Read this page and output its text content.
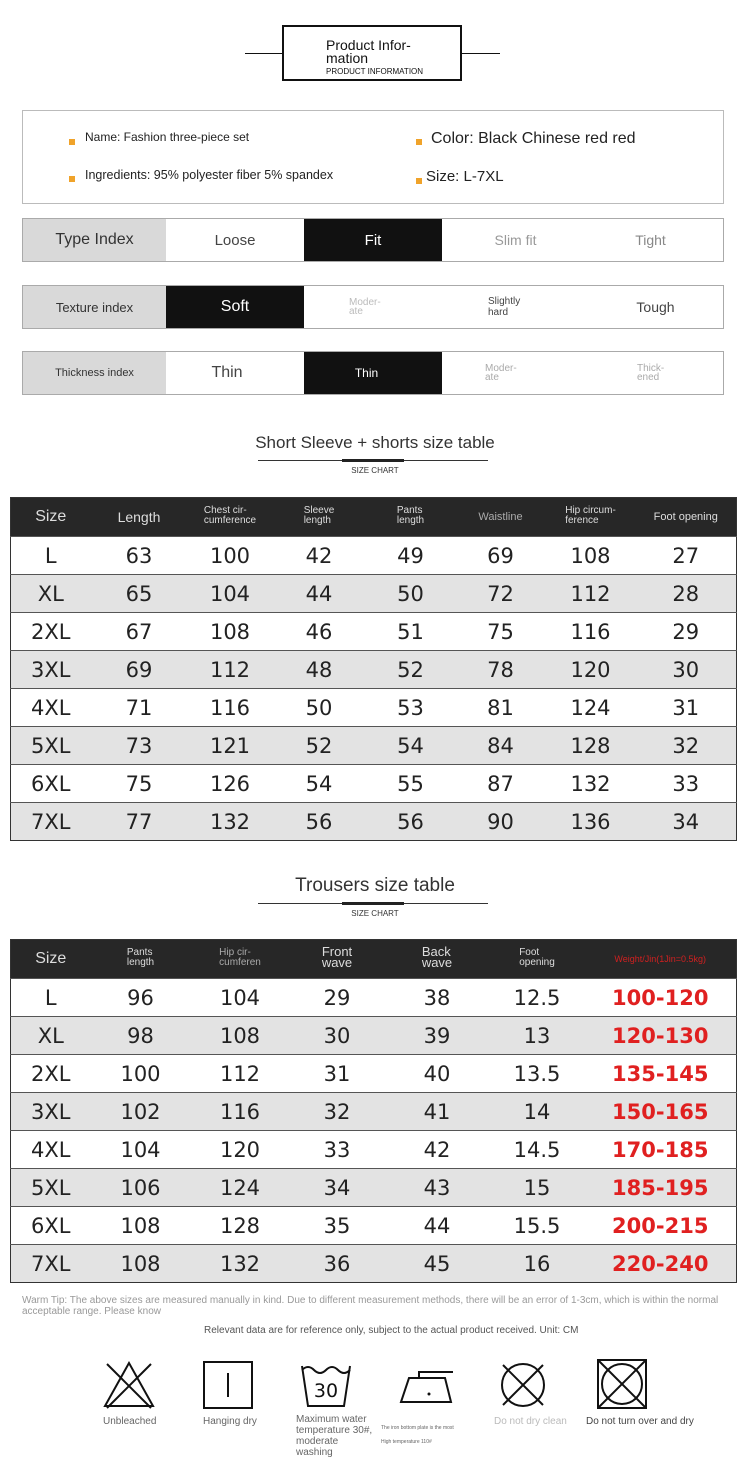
Product Infor-
mation
PRODUCT INFORMATION
Name: Fashion three-piece set
Ingredients: 95% polyester fiber 5% spandex
Color: Black Chinese red red
Size: L-7XL
Type Index	Loose	Fit	Slim fit	Tight
Texture index	Soft	Moder-
ate
Slightly
hard	Tough
Thickness index	Thin	Thin	Moder-
ate
Thick-
ened
Short Sleeve + shorts size table
SIZE CHART
Size	Length	Chest cir-
cumference	Sleeve
length	Pants
length	Waistline	Hip circum-
ference	Foot opening
L	63	100	42	49	69	108	27
XL	65	104	44	50	72	112	28
2XL	67	108	46	51	75	116	29
3XL	69	112	48	52	78	120	30
4XL	71	116	50	53	81	124	31
5XL	73	121	52	54	84	128	32
6XL	75	126	54	55	87	132	33
7XL	77	132	56	56	90	136	34
Trousers size table
SIZE CHART
Size	Pants
length	Hip cir-
cumferen	Front
wave	Back
wave	Foot
opening	Weight/Jin(1Jin=0.5kg)
L	96	104	29	38	12.5	100-120
XL	98	108	30	39	13	120-130
2XL	100	112	31	40	13.5	135-145
3XL	102	116	32	41	14	150-165
4XL	104	120	33	42	14.5	170-185
5XL	106	124	34	43	15	185-195
6XL	108	128	35	44	15.5	200-215
7XL	108	132	36	45	16	220-240
Warm Tip: The above sizes are measured manually in kind. Due to different measurement methods, there will be an error of 1-3cm, which is within the normal acceptable range. Please know
Relevant data are for reference only, subject to the actual product received. Unit: CM
Unbleached	Hanging dry
30
Maximum water temperature 30#, moderate washing
The iron bottom plate is the most
High temperature 110#
Do not dry clean Do not turn over and dry
